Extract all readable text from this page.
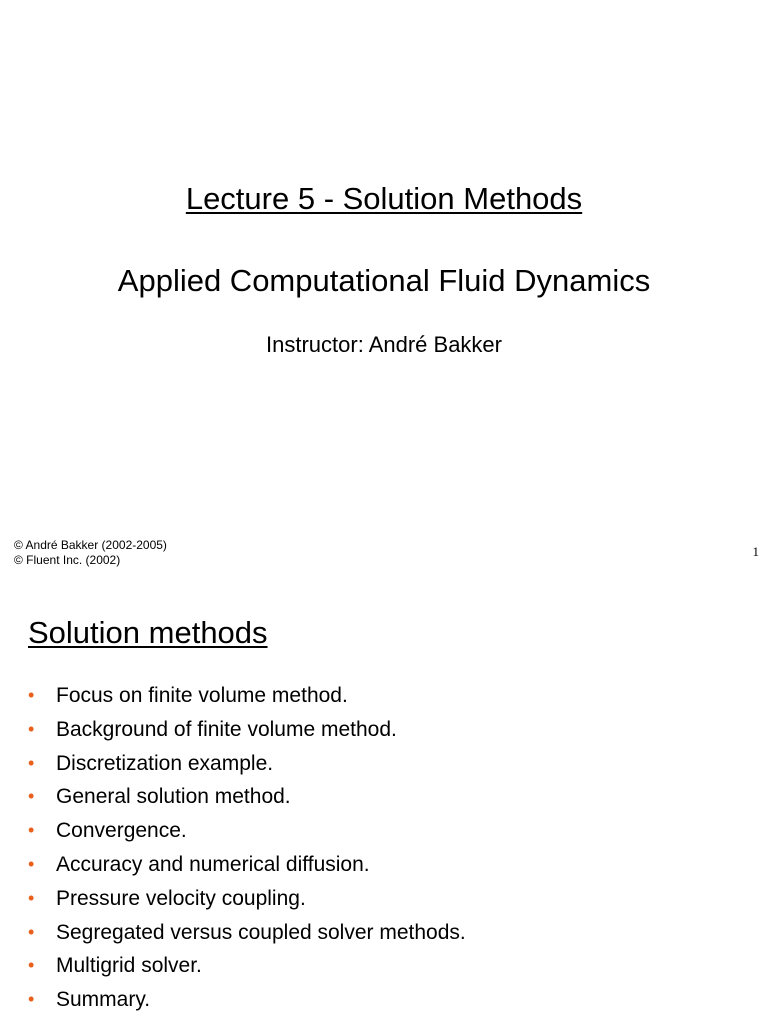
Lecture 5 - Solution Methods
Applied Computational Fluid Dynamics
Instructor: André Bakker
© André Bakker (2002-2005)
© Fluent Inc. (2002)
1
Solution methods
• Focus on finite volume method.
• Background of finite volume method.
• Discretization example.
• General solution method.
• Convergence.
• Accuracy and numerical diffusion.
• Pressure velocity coupling.
• Segregated versus coupled solver methods.
• Multigrid solver.
• Summary.
